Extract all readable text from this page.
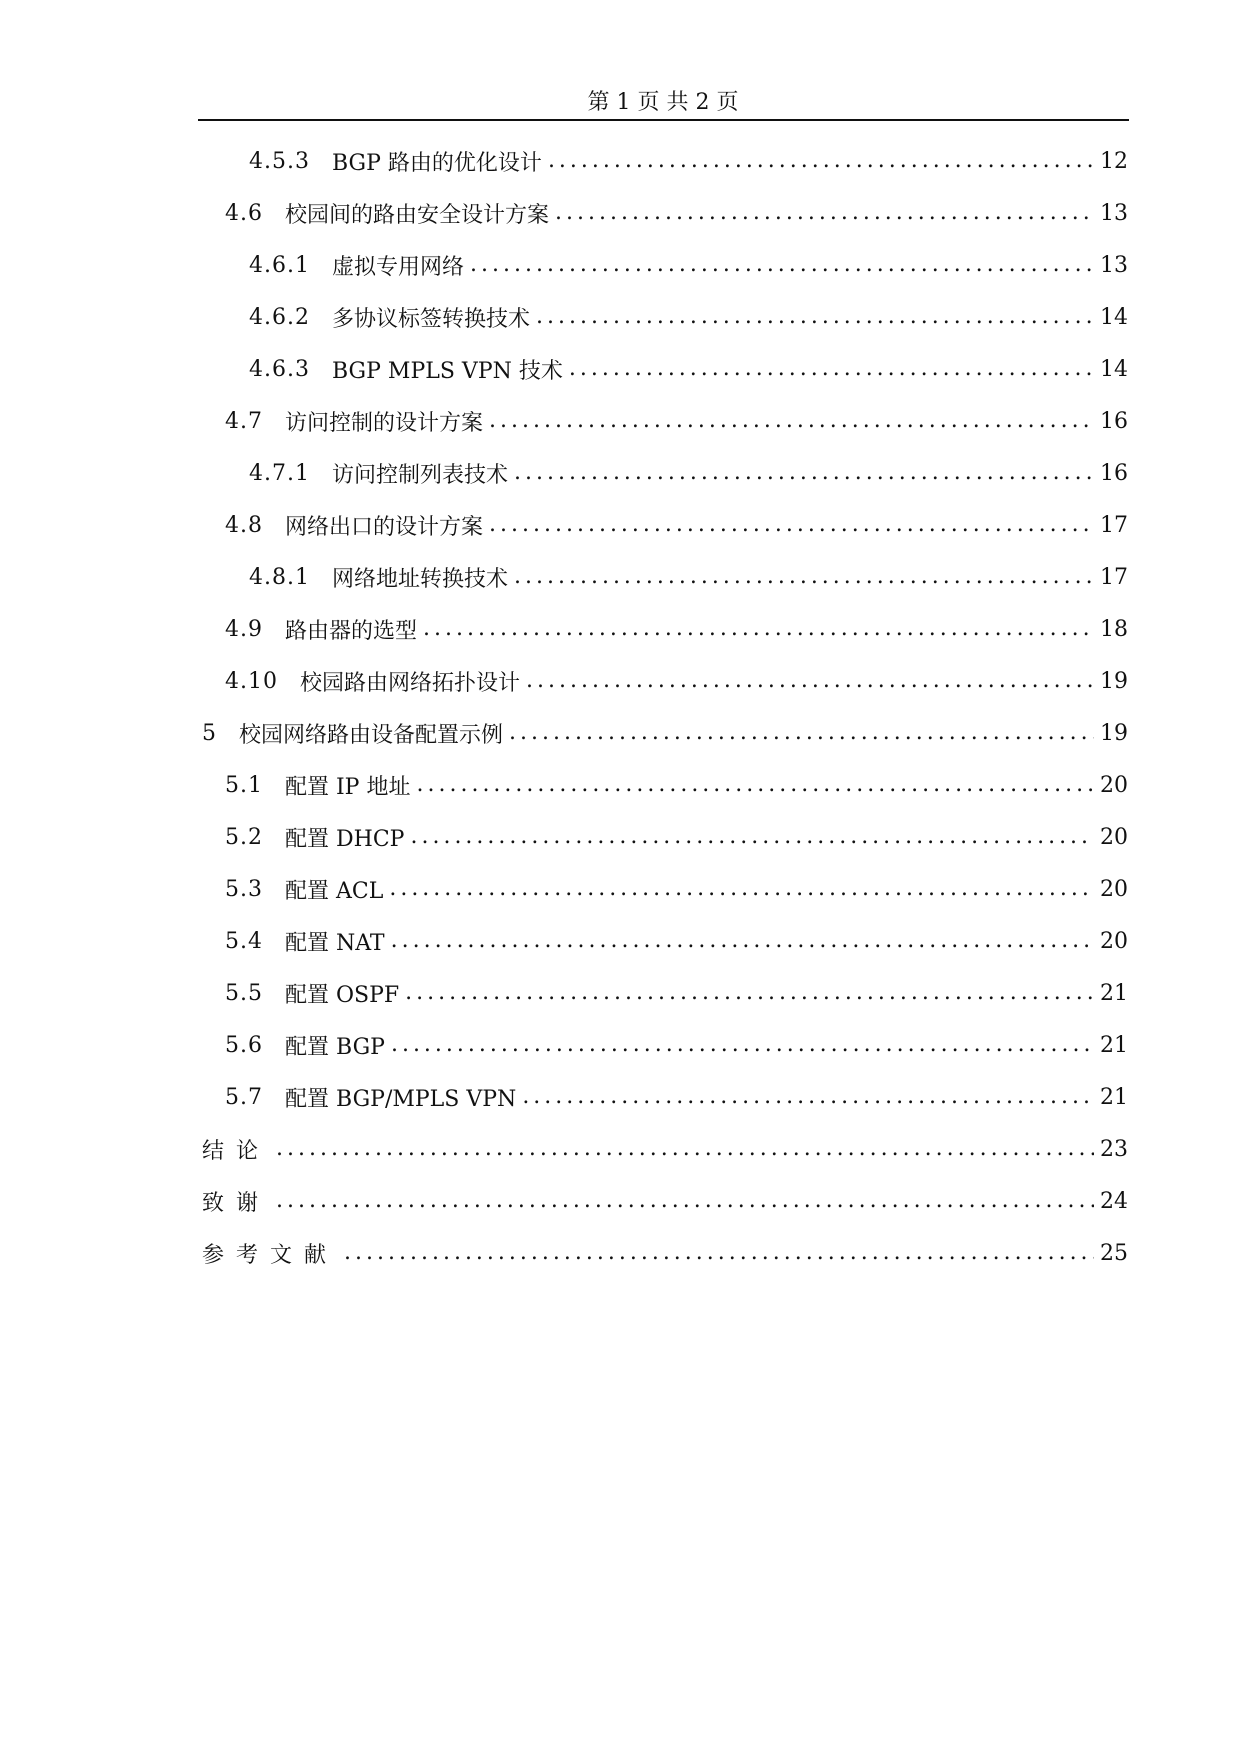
第 1 页 共 2 页
4.5.3 BGP 路由的优化设计 .....	12
4.6 校园间的路由安全设计方案 .....	13
4.6.1 虚拟专用网络 .....	13
4.6.2 多协议标签转换技术 .....	14
4.6.3 BGP MPLS VPN 技术 .....	14
4.7 访问控制的设计方案 .....	16
4.7.1 访问控制列表技术 .....	16
4.8 网络出口的设计方案 .....	17
4.8.1 网络地址转换技术 .....	17
4.9 路由器的选型 .....	18
4.10 校园路由网络拓扑设计 .....	19
5 校园网络路由设备配置示例 .....	19
5.1 配置 IP 地址 .....	20
5.2 配置 DHCP .....	20
5.3 配置 ACL .....	20
5.4 配置 NAT .....	20
5.5 配置 OSPF .....	21
5.6 配置 BGP .....	21
5.7 配置 BGP/MPLS VPN .....	21
结论 .....	23
致谢 .....	24
参考文献 .....	25
